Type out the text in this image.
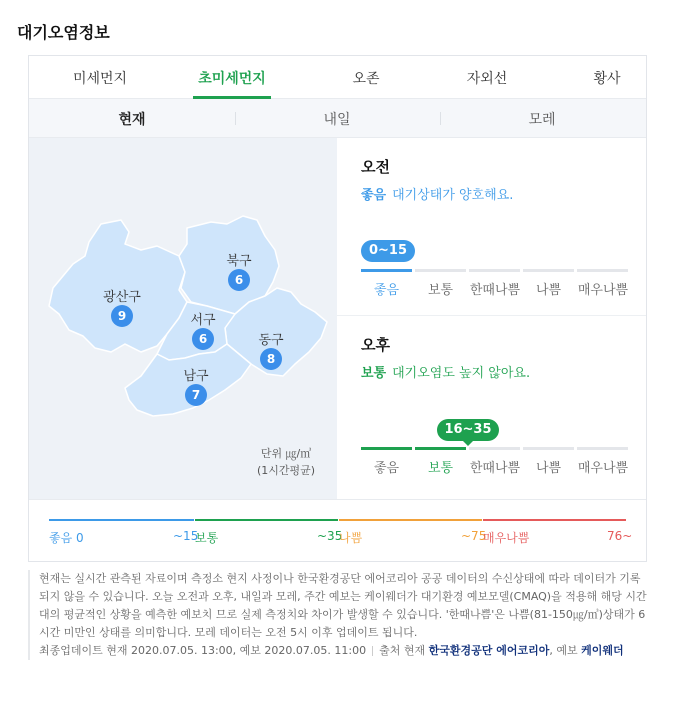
대기오염정보
미세먼지	초미세먼지	오존	자외선	황사
현재	내일	모레
광산구
9
북구
6
서구
6	동구
8
남구
7
단위 ㎍/㎥
(1시간평균)
오전
좋음 대기상태가 양호해요.
0~15
좋음	보통	한때나쁨	나쁨	매우나쁨
오후
보통 대기오염도 높지 않아요.
16~35
좋음	보통	한때나쁨	나쁨	매우나쁨
좋음 0	~15
보통	~35
나쁨	~75
매우나쁨	76~
현재는 실시간 관측된 자료이며 측정소 현지 사정이나 한국환경공단 에어코리아 공공 데이터의 수신상태에 따라 데이터가 기록되지 않을 수 있습니다. 오늘 오전과 오후, 내일과 모레, 주간 예보는 케이웨더가 대기환경 예보모델(CMAQ)을 적용해 해당 시간대의 평균적인 상황을 예측한 예보치 므로 실제 측정치와 차이가 발생할 수 있습니다. '한때나쁨'은 나쁨(81-150㎍/㎥)상태가 6시간 미만인 상태를 의미합니다. 모레 데이터는 오전 5시 이후 업데이트 됩니다.
최종업데이트 현재 2020.07.05. 13:00, 예보 2020.07.05. 11:00 출처 현재 한국환경공단 에어코리아, 예보 케이웨더
